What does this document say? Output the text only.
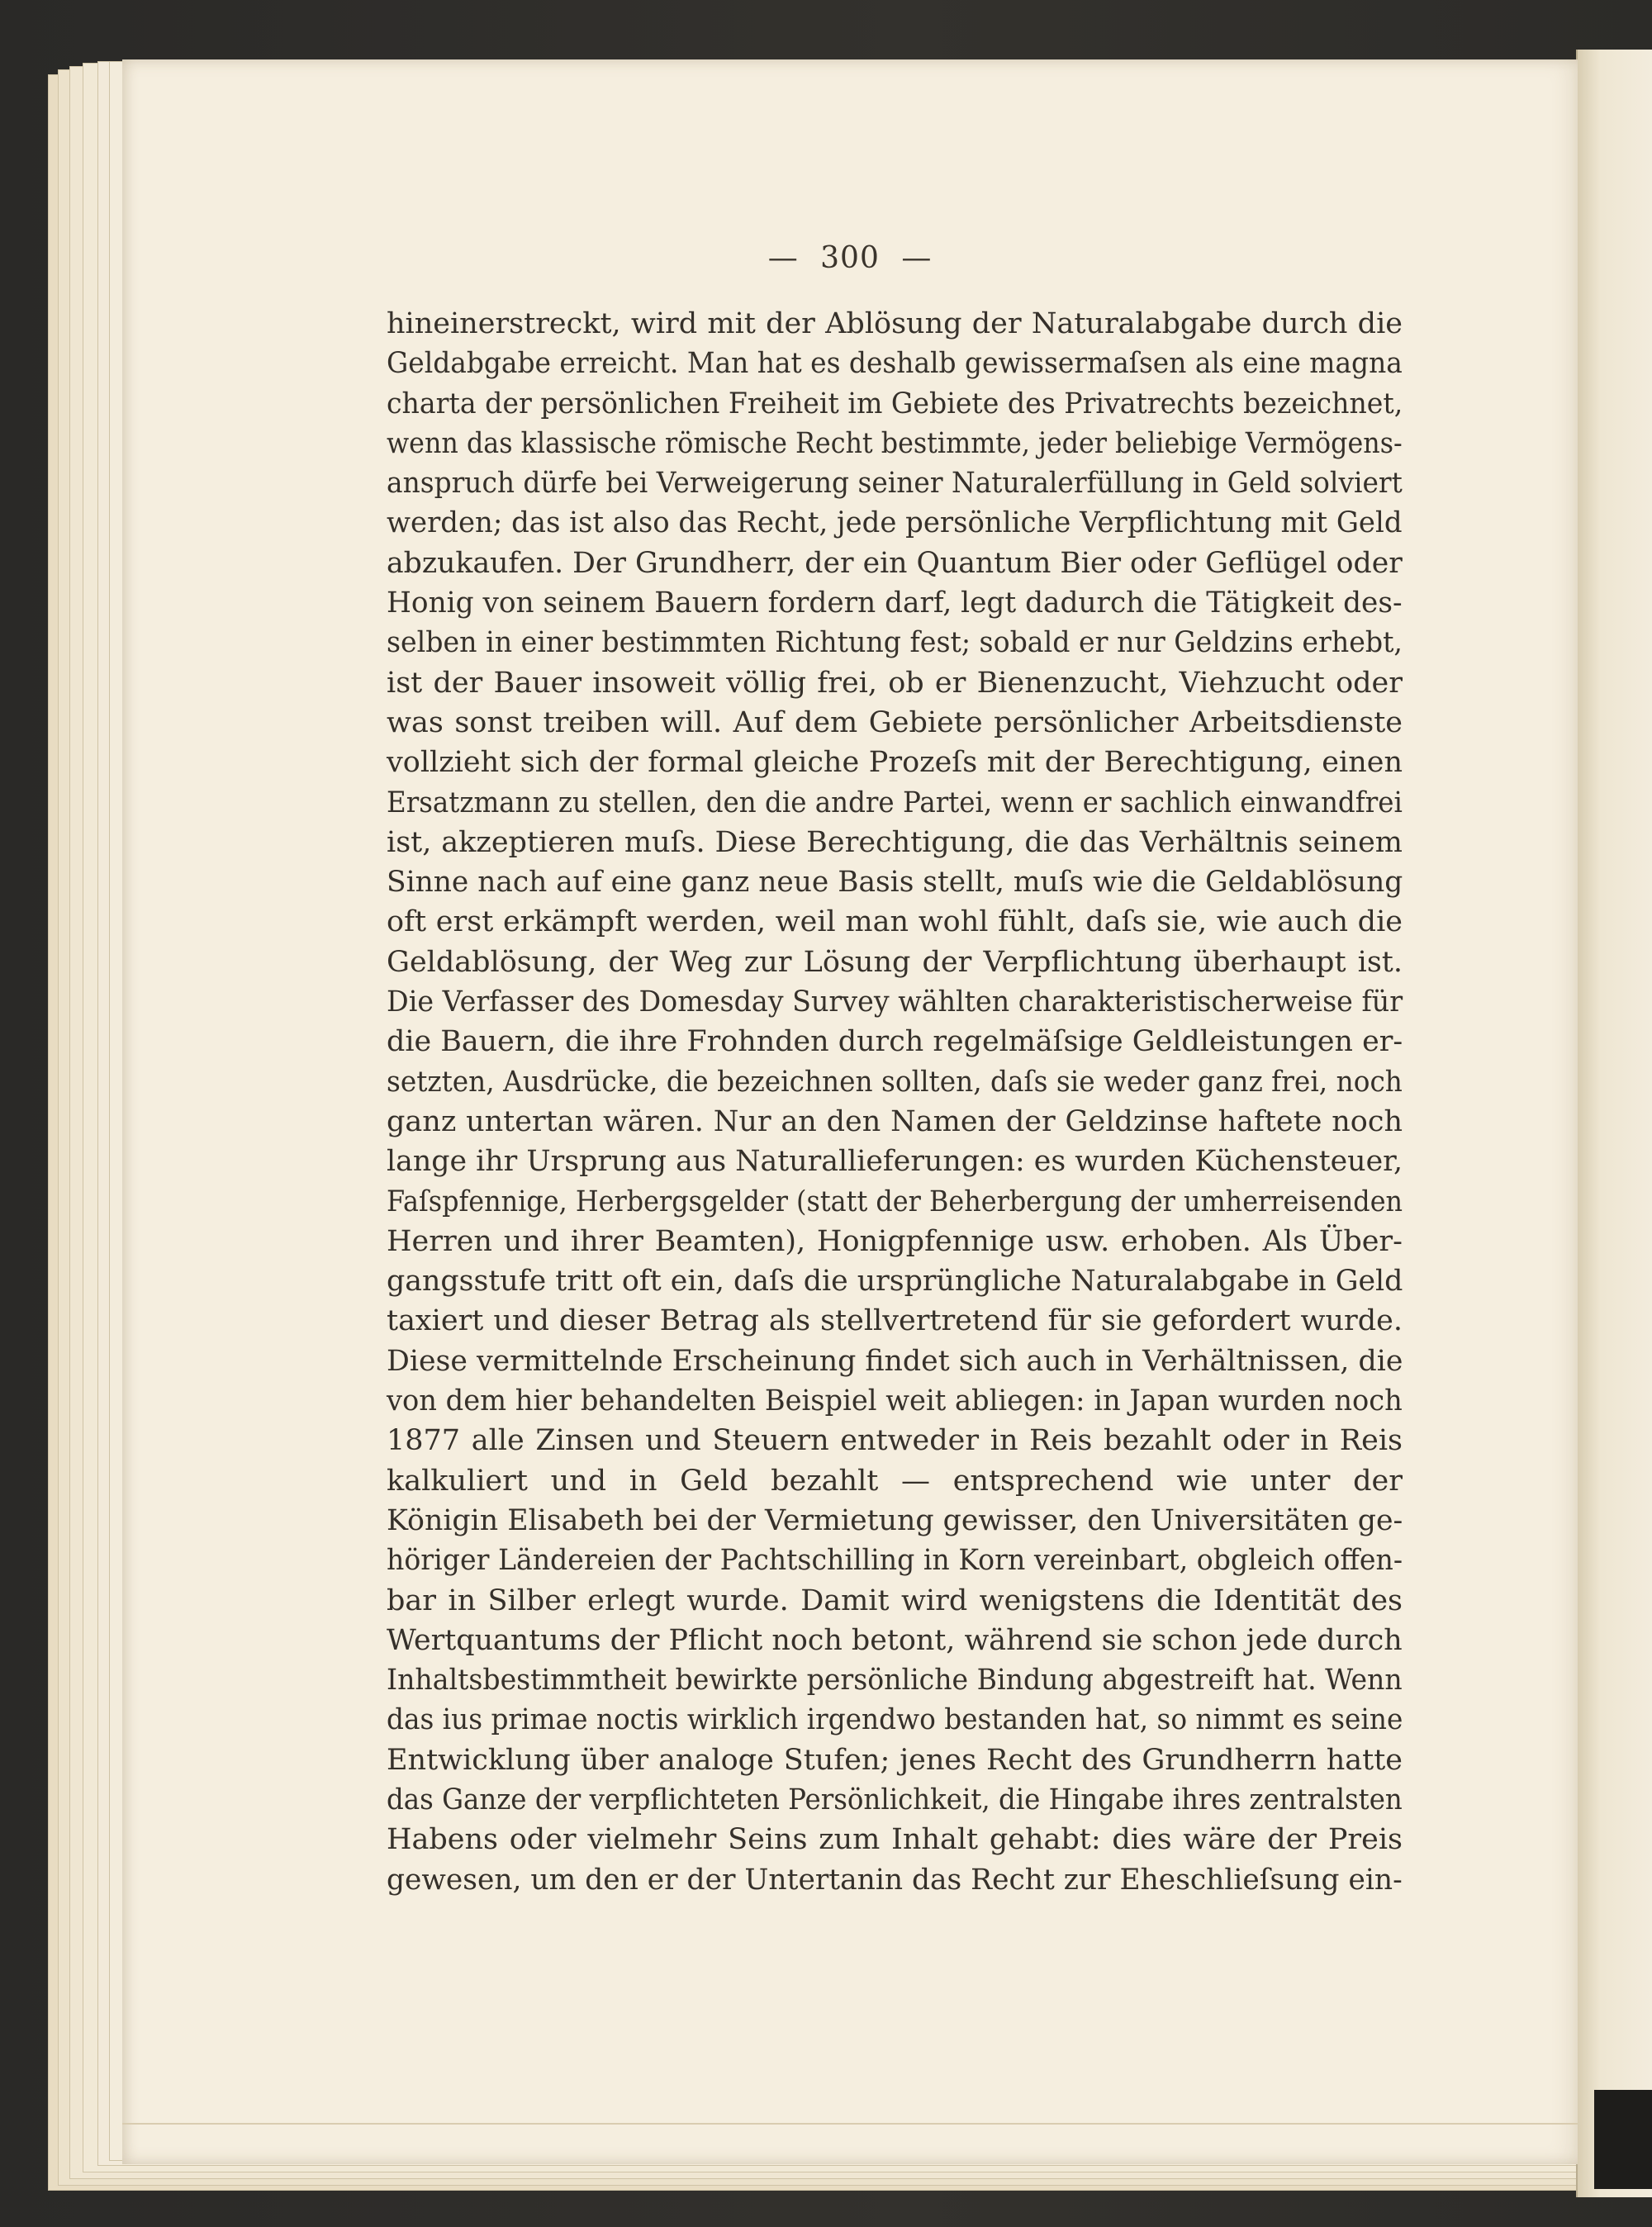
— 300 —
hineinerstreckt, wird mit der Ablösung der Naturalabgabe durch die
Geldabgabe erreicht. Man hat es deshalb gewissermaſsen als eine magna
charta der persönlichen Freiheit im Gebiete des Privatrechts bezeichnet,
wenn das klassische römische Recht bestimmte, jeder beliebige Vermögens-
anspruch dürfe bei Verweigerung seiner Naturalerfüllung in Geld solviert
werden; das ist also das Recht, jede persönliche Verpflichtung mit Geld
abzukaufen. Der Grundherr, der ein Quantum Bier oder Geflügel oder
Honig von seinem Bauern fordern darf, legt dadurch die Tätigkeit des-
selben in einer bestimmten Richtung fest; sobald er nur Geldzins erhebt,
ist der Bauer insoweit völlig frei, ob er Bienenzucht, Viehzucht oder
was sonst treiben will. Auf dem Gebiete persönlicher Arbeitsdienste
vollzieht sich der formal gleiche Prozeſs mit der Berechtigung, einen
Ersatzmann zu stellen, den die andre Partei, wenn er sachlich einwandfrei
ist, akzeptieren muſs. Diese Berechtigung, die das Verhältnis seinem
Sinne nach auf eine ganz neue Basis stellt, muſs wie die Geldablösung
oft erst erkämpft werden, weil man wohl fühlt, daſs sie, wie auch die
Geldablösung, der Weg zur Lösung der Verpflichtung überhaupt ist.
Die Verfasser des Domesday Survey wählten charakteristischerweise für
die Bauern, die ihre Frohnden durch regelmäſsige Geldleistungen er-
setzten, Ausdrücke, die bezeichnen sollten, daſs sie weder ganz frei, noch
ganz untertan wären. Nur an den Namen der Geldzinse haftete noch
lange ihr Ursprung aus Naturallieferungen: es wurden Küchensteuer,
Faſspfennige, Herbergsgelder (statt der Beherbergung der umherreisenden
Herren und ihrer Beamten), Honigpfennige usw. erhoben. Als Über-
gangsstufe tritt oft ein, daſs die ursprüngliche Naturalabgabe in Geld
taxiert und dieser Betrag als stellvertretend für sie gefordert wurde.
Diese vermittelnde Erscheinung findet sich auch in Verhältnissen, die
von dem hier behandelten Beispiel weit abliegen: in Japan wurden noch
1877 alle Zinsen und Steuern entweder in Reis bezahlt oder in Reis
kalkuliert und in Geld bezahlt — entsprechend wie unter der
Königin Elisabeth bei der Vermietung gewisser, den Universitäten ge-
höriger Ländereien der Pachtschilling in Korn vereinbart, obgleich offen-
bar in Silber erlegt wurde. Damit wird wenigstens die Identität des
Wertquantums der Pflicht noch betont, während sie schon jede durch
Inhaltsbestimmtheit bewirkte persönliche Bindung abgestreift hat. Wenn
das ius primae noctis wirklich irgendwo bestanden hat, so nimmt es seine
Entwicklung über analoge Stufen; jenes Recht des Grundherrn hatte
das Ganze der verpflichteten Persönlichkeit, die Hingabe ihres zentralsten
Habens oder vielmehr Seins zum Inhalt gehabt: dies wäre der Preis
gewesen, um den er der Untertanin das Recht zur Eheschlieſsung ein-
